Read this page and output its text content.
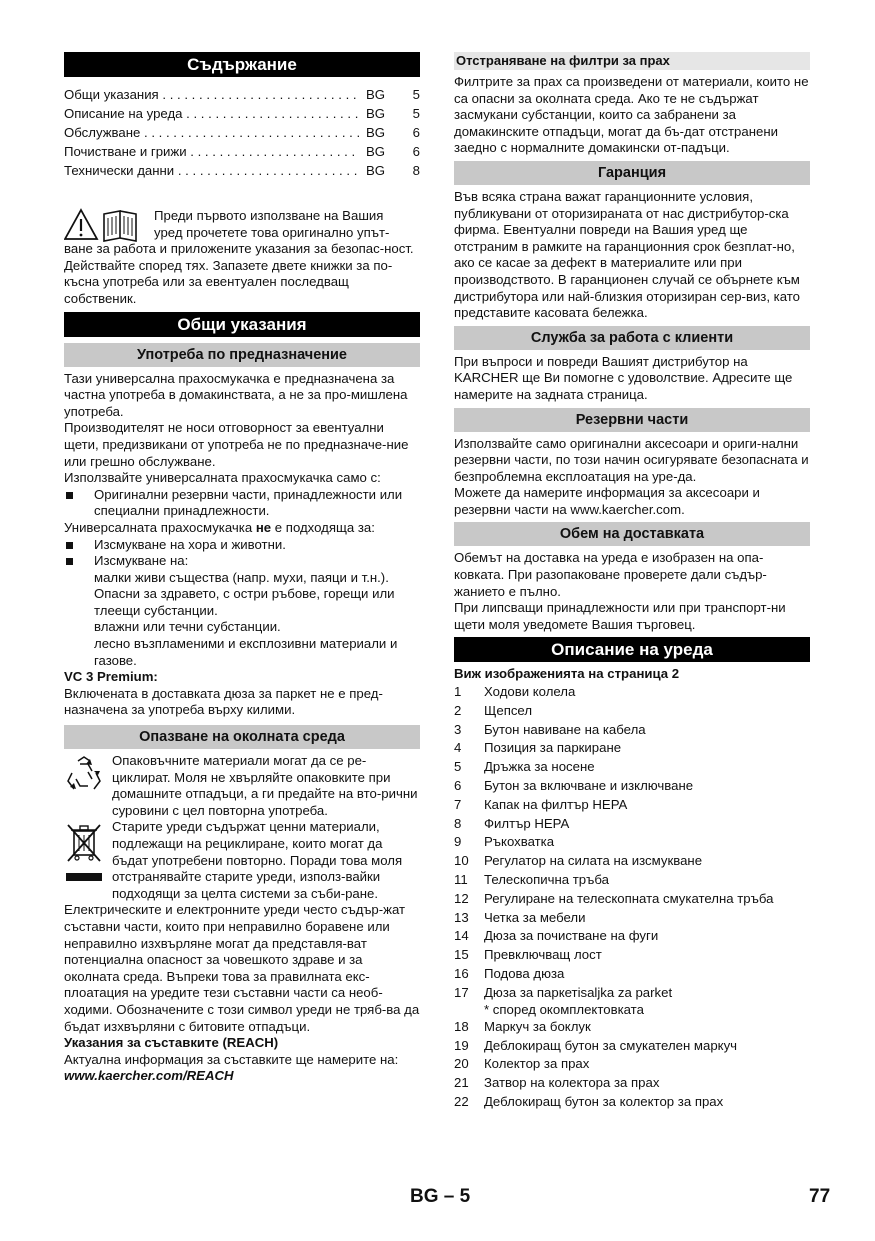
Съдържание
Общи указания . . .	BG	5
Описание на уреда . . .	BG	5
Обслужване . . .	BG	6
Почистване и грижи . . .	BG	6
Технически данни . . .	BG	8

Преди първото използване на Вашия

уред прочетете това оригинално упът-

ване за работа и приложените указания за безопас-ност. Действайте според тях. Запазете двете книжки за по-късна употреба или за евентуален последващ собственик.

Общи указания
Употреба по предназначение

Тази универсална прахосмукачка е предназначена за частна употреба в домакинствата, а не за про-мишлена употреба.

Производителят не носи отговорност за евентуални щети, предизвикани от употреба не по предназначе-ние или грешно обслужване.

Използвайте универсалната прахосмукачка само с:

Оригинални резервни части, принадлежности или специални принадлежности.

Универсалната прахосмукачка не е подходяща за:

Изсмукване на хора и животни.
Изсмукване на:

малки живи същества (напр. мухи, паяци и т.н.).

Опасни за здравето, с остри ръбове, горещи или тлеещи субстанции.

влажни или течни субстанции.

лесно възпламеними и експлозивни материали и газове.

VC 3 Premium:

Включената в доставката дюза за паркет не е пред-назначена за употреба върху килими.

Опазване на околната среда

Опаковъчните материали могат да се ре-циклират. Моля не хвърляйте опаковките при домашните отпадъци, а ги предайте на вто-рични суровини с цел повторна употреба.

Старите уреди съдържат ценни материали, подлежащи на рециклиране, които могат да бъдат употребени повторно. Поради това моля отстранявайте старите уреди, използ-вайки подходящи за целта системи за съби-ране.

Електрическите и електронните уреди често съдър-жат съставни части, които при неправилно боравене или неправилно изхвърляне могат да представля-ват потенциална опасност за човешкото здраве и за околната среда. Въпреки това за правилната екс-плоатация на уредите тези съставни части са необ-ходими. Обозначените с този символ уреди не тряб-ва да бъдат изхвърляни с битовите отпадъци.

Указания за съставките (REACH)

Актуална информация за съставките ще намерите на:

www.kaercher.com/REACH

Отстраняване на филтри за прах

Филтрите за прах са произведени от материали, които не са опасни за околната среда. Ако те не съдържат засмукани субстанции, които са забранени за домакинските отпадъци, могат да бъ-дат отстранени заедно с нормалните домакински от-падъци.

Гаранция

Във всяка страна важат гаранционните условия, публикувани от оторизираната от нас дистрибутор-ска фирма. Евентуални повреди на Вашия уред ще отстраним в рамките на гаранционния срок безплат-но, ако се касае за дефект в материалите или при производството. В гаранционен случай се обърнете към дистрибутора или най-близкия оторизиран сер-виз, като представите касовата бележка.

Служба за работа с клиенти

При въпроси и повреди Вашият дистрибутор на KARCHER ще Ви помогне с удоволствие. Адресите ще намерите на задната страница.

Резервни части

Използвайте само оригинални аксесоари и ориги-нални резервни части, по този начин осигурявате безопасната и безпроблемна експлоатация на уре-да.

Можете да намерите информация за аксесоари и резервни части на www.kaercher.com.

Обем на доставката

Обемът на доставка на уреда е изобразен на опа-ковката. При разопаковане проверете дали съдър-жанието е пълно.

При липсващи принадлежности или при транспорт-ни щети моля уведомете Вашия търговец.

Описание на уреда

Виж изображенията на страница 2

1	Ходови колела
2	Щепсел
3	Бутон навиване на кабела
4	Позиция за паркиране
5	Дръжка за носене
6	Бутон за включване и изключване
7	Капак на филтър HEPA
8	Филтър HEPA
9	Ръкохватка
10	Регулатор на силата на изсмукване
11	Телескопична тръба
12	Регулиране на телескопната смукателна тръба
13	Четка за мебели
14	Дюза за почистване на фуги
15	Превключващ лост
16	Подова дюза
17	Дюза за паркетisaljka za parket
* според окомплектовката
18	Маркуч за боклук
19	Деблокиращ бутон за смукателен маркуч
20	Колектор за прах
21	Затвор на колектора за прах
22	Деблокиращ бутон за колектор за прах
BG – 5	77
